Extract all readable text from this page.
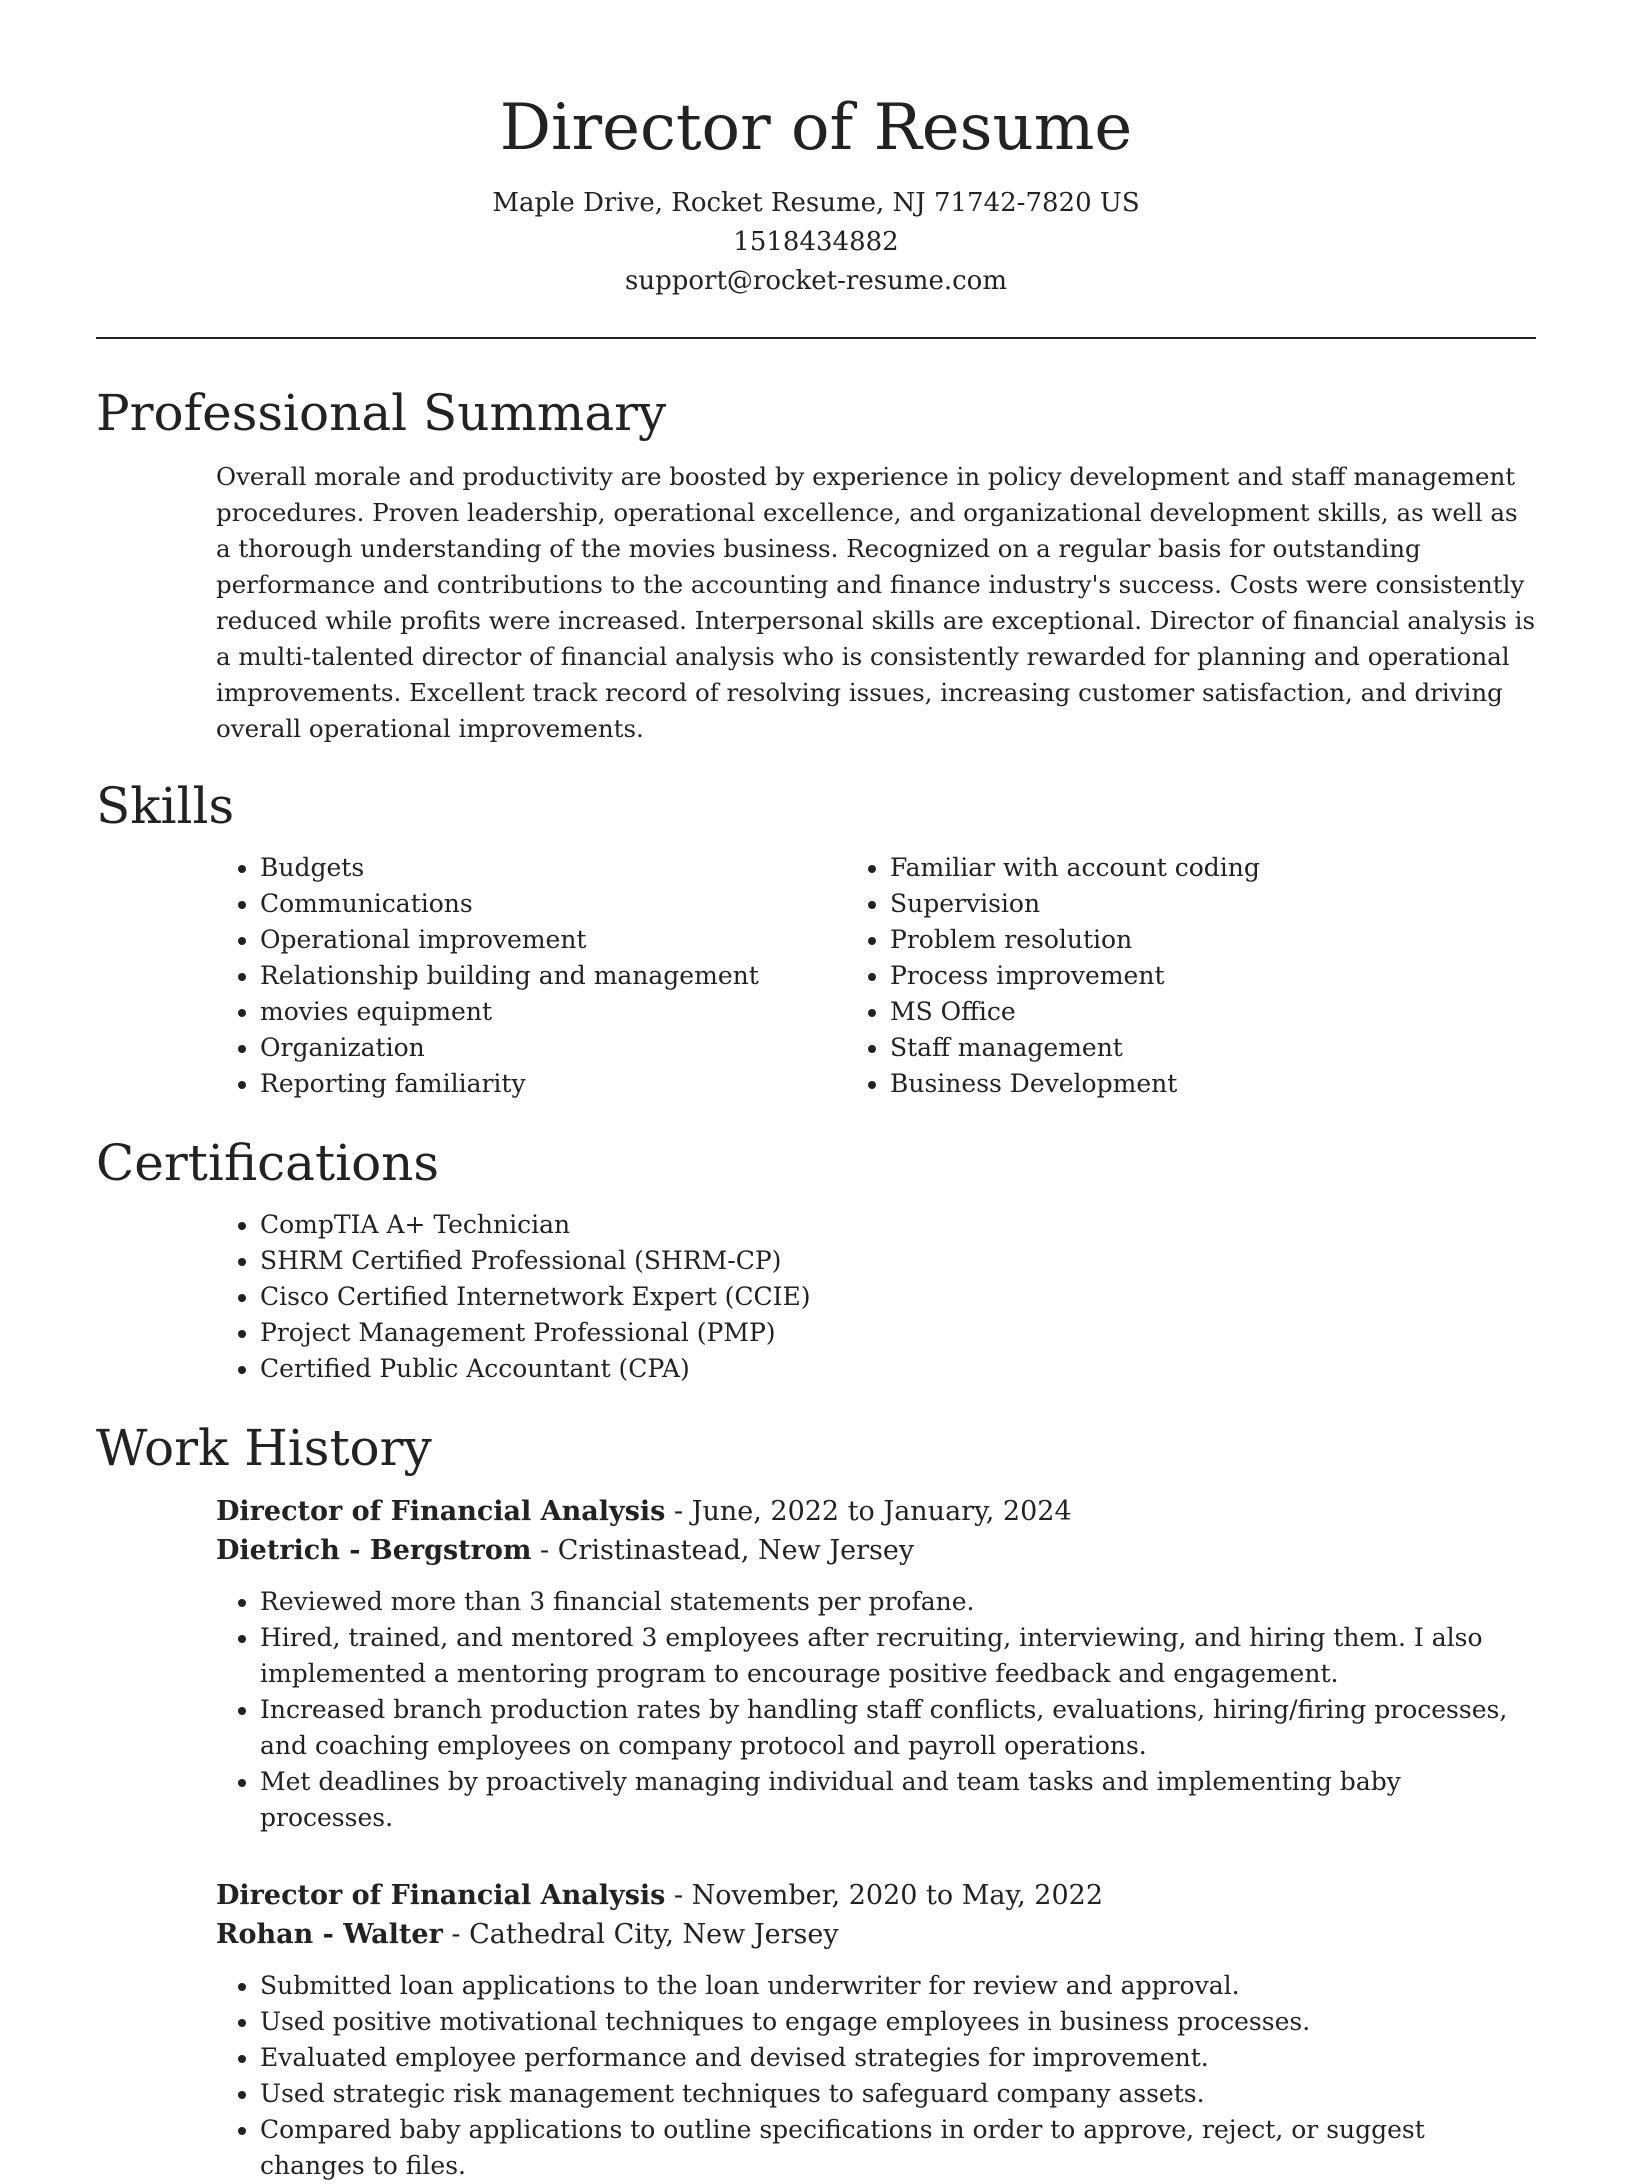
Director of Resume

Maple Drive, Rocket Resume, NJ 71742-7820 US

1518434882

support@rocket-resume.com

Professional Summary

Overall morale and productivity are boosted by experience in policy development and staff management procedures. Proven leadership, operational excellence, and organizational development skills, as well as a thorough understanding of the movies business. Recognized on a regular basis for outstanding performance and contributions to the accounting and finance industry's success. Costs were consistently reduced while profits were increased. Interpersonal skills are exceptional. Director of financial analysis is a multi-talented director of financial analysis who is consistently rewarded for planning and operational improvements. Excellent track record of resolving issues, increasing customer satisfaction, and driving overall operational improvements.

Skills
• Budgets
• Communications
• Operational improvement
• Relationship building and management
• movies equipment
• Organization
• Reporting familiarity
• Familiar with account coding
• Supervision
• Problem resolution
• Process improvement
• MS Office
• Staff management
• Business Development
Certifications
• CompTIA A+ Technician
• SHRM Certified Professional (SHRM-CP)
• Cisco Certified Internetwork Expert (CCIE)
• Project Management Professional (PMP)
• Certified Public Accountant (CPA)
Work History

Director of Financial Analysis - June, 2022 to January, 2024

Dietrich - Bergstrom - Cristinastead, New Jersey

• Reviewed more than 3 financial statements per profane.
• Hired, trained, and mentored 3 employees after recruiting, interviewing, and hiring them. I also implemented a mentoring program to encourage positive feedback and engagement.
• Increased branch production rates by handling staff conflicts, evaluations, hiring/firing processes, and coaching employees on company protocol and payroll operations.
• Met deadlines by proactively managing individual and team tasks and implementing baby processes.

Director of Financial Analysis - November, 2020 to May, 2022

Rohan - Walter - Cathedral City, New Jersey

• Submitted loan applications to the loan underwriter for review and approval.
• Used positive motivational techniques to engage employees in business processes.
• Evaluated employee performance and devised strategies for improvement.
• Used strategic risk management techniques to safeguard company assets.
• Compared baby applications to outline specifications in order to approve, reject, or suggest changes to files.
